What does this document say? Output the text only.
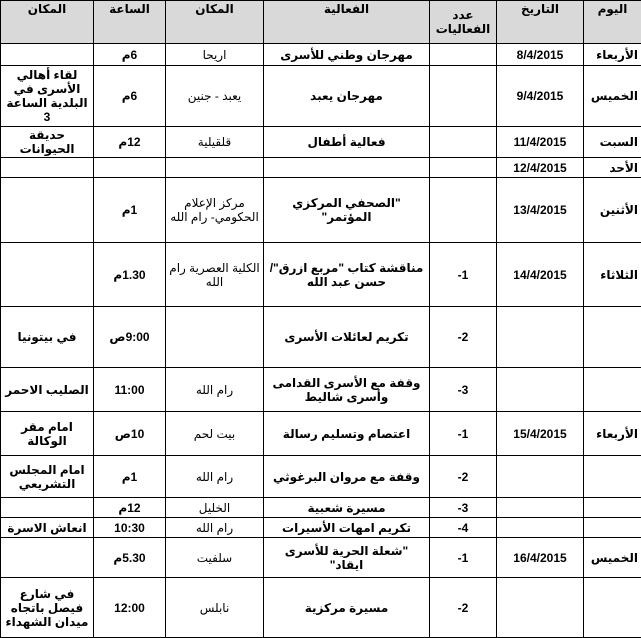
اليوم	التاريخ	عدد الفعاليات	الفعالية	المكان	الساعة	المكان
الأربعاء	8/4/2015		مهرجان وطني للأسرى	اريحا	6م	
الخميس	9/4/2015		مهرجان يعبد	يعبد - جنين	6م	لقاء أهالي الأسرى في البلدية الساعة 3
السبت	11/4/2015		فعالية أطفال	قلقيلية	12م	حديقة الحيوانات
الأحد	12/4/2015					
الأثنين	13/4/2015		"الصحفي المركزي المؤتمر"	مركز الإعلام الحكومي- رام الله	1م	
الثلاثاء	14/4/2015	1-	مناقشة كتاب "مربع ازرق"/ حسن عبد الله	الكلية العصرية رام الله	1.30م	
		2-	تكريم لعائلات الأسرى		9:00ص	في بيتونيا
		3-	وقفة مع الأسرى القدامى وأسرى شاليط	رام الله	11:00	الصليب الاحمر
الأربعاء	15/4/2015	1-	اعتصام وتسليم رسالة	بيت لحم	10ص	امام مقر الوكالة
		2-	وقفة مع مروان البرغوثي	رام الله	1م	امام المجلس التشريعي
		3-	مسيرة شعبية	الخليل	12م	
		4-	تكريم امهات الأسيرات	رام الله	10:30	انعاش الاسرة
الخميس	16/4/2015	1-	"شعلة الحرية للأسرى ايقاد"	سلفيت	5.30م	
		2-	مسيرة مركزية	نابلس	12:00	في شارع فيصل باتجاه ميدان الشهداء
